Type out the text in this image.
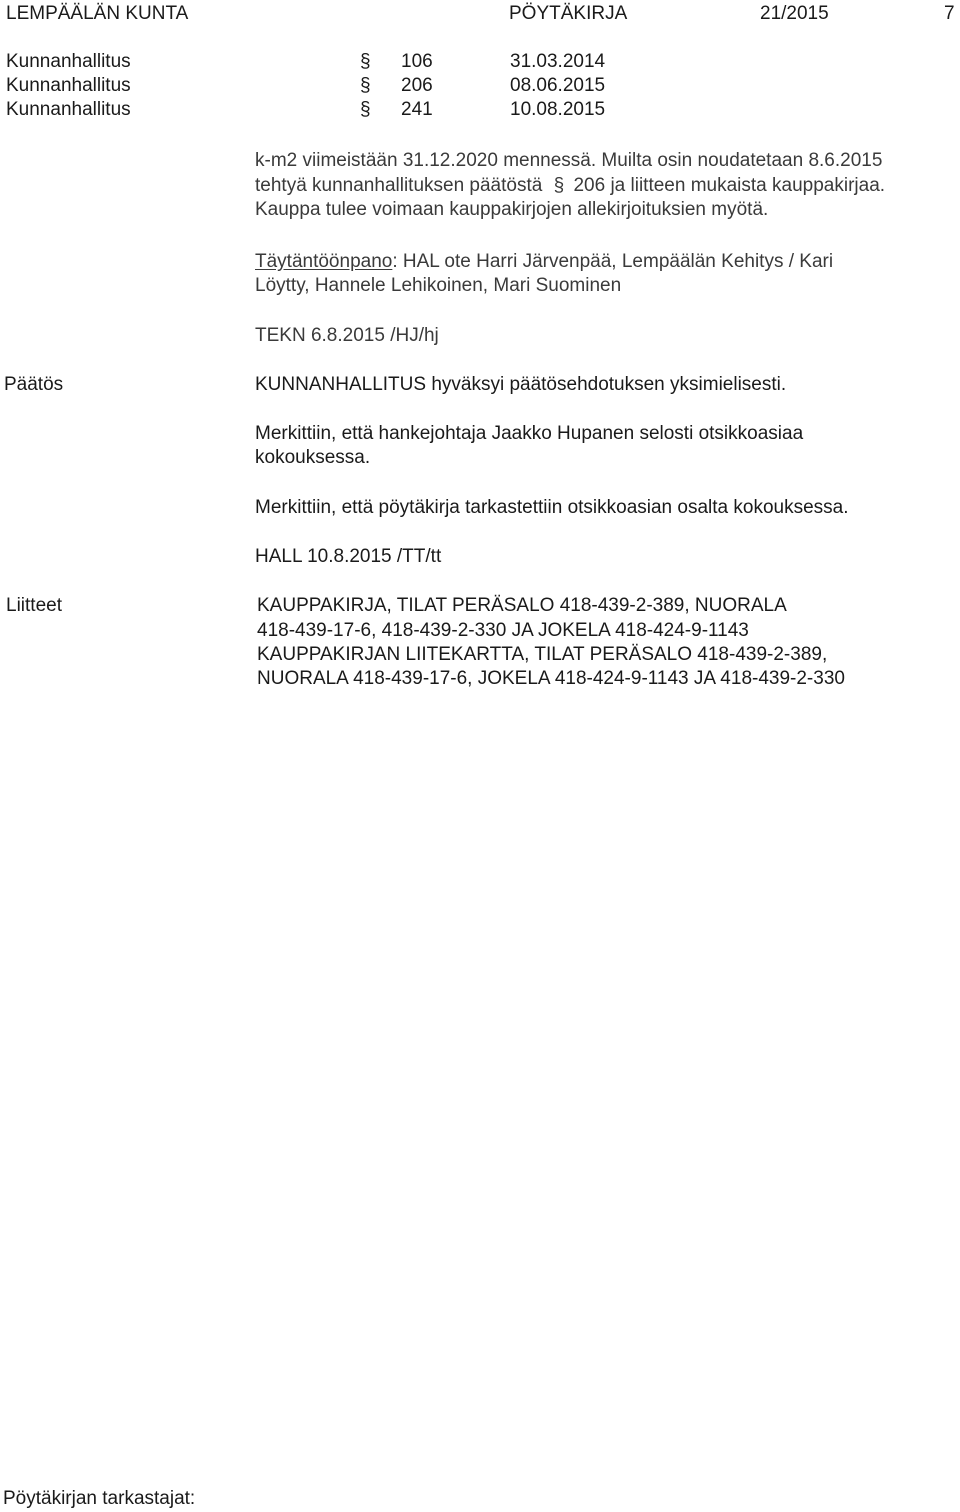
LEMPÄÄLÄN KUNTA	PÖYTÄKIRJA	21/2015	7
Kunnanhallitus	§ 106	31.03.2014
Kunnanhallitus	§ 206	08.06.2015
Kunnanhallitus	§ 241	10.08.2015
k-m2 viimeistään 31.12.2020 mennessä. Muilta osin noudatetaan 8.6.2015
tehtyä kunnanhallituksen päätöstä § 206 ja liitteen mukaista kauppakirjaa.
Kauppa tulee voimaan kauppakirjojen allekirjoituksien myötä.
Täytäntöönpano: HAL ote Harri Järvenpää, Lempäälän Kehitys / Kari
Löytty, Hannele Lehikoinen, Mari Suominen
TEKN 6.8.2015 /HJ/hj
Päätös	KUNNANHALLITUS hyväksyi päätösehdotuksen yksimielisesti.
Merkittiin, että hankejohtaja Jaakko Hupanen selosti otsikkoasiaa kokouksessa.
Merkittiin, että pöytäkirja tarkastettiin otsikkoasian osalta kokouksessa.
HALL 10.8.2015 /TT/tt
Liitteet	KAUPPAKIRJA, TILAT PERÄSALO 418-439-2-389, NUORALA
418-439-17-6, 418-439-2-330 JA JOKELA 418-424-9-1143
KAUPPAKIRJAN LIITEKARTTA, TILAT PERÄSALO 418-439-2-389,
NUORALA 418-439-17-6, JOKELA 418-424-9-1143 JA 418-439-2-330
Pöytäkirjan tarkastajat:
